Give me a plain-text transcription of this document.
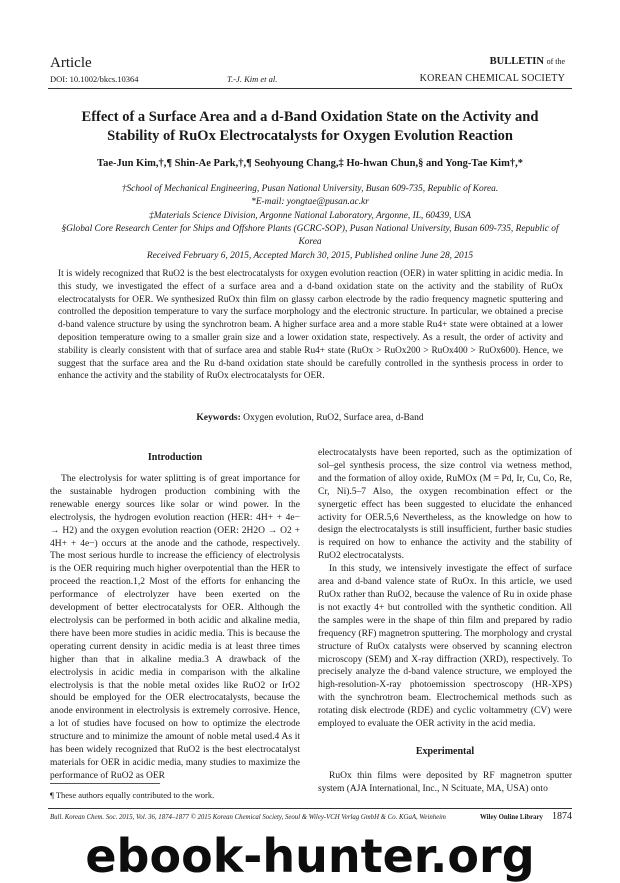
Article
DOI: 10.1002/bkcs.10364	T.-J. Kim et al.
BULLETIN of the
KOREAN CHEMICAL SOCIETY
Effect of a Surface Area and a d-Band Oxidation State on the Activity and
Stability of RuOx Electrocatalysts for Oxygen Evolution Reaction
Tae-Jun Kim,†,¶ Shin-Ae Park,†,¶ Seohyoung Chang,‡ Ho-hwan Chun,§ and Yong-Tae Kim†,*
†School of Mechanical Engineering, Pusan National University, Busan 609-735, Republic of Korea.
*E-mail: yongtae@pusan.ac.kr
‡Materials Science Division, Argonne National Laboratory, Argonne, IL, 60439, USA
§Global Core Research Center for Ships and Offshore Plants (GCRC-SOP), Pusan National University, Busan 609-735, Republic of Korea
Received February 6, 2015, Accepted March 30, 2015, Published online June 28, 2015
It is widely recognized that RuO2 is the best electrocatalysts for oxygen evolution reaction (OER) in water splitting in acidic media. In this study, we investigated the effect of a surface area and a d-band oxidation state on the activity and the stability of RuOx electrocatalysts for OER. We synthesized RuOx thin film on glassy carbon electrode by the radio frequency magnetic sputtering and controlled the deposition temperature to vary the surface morphology and the electronic structure. In particular, we obtained a precise d-band valence structure by using the synchrotron beam. A higher surface area and a more stable Ru4+ state were obtained at a lower deposition temperature owing to a smaller grain size and a lower oxidation state, respectively. As a result, the order of activity and stability is clearly consistent with that of surface area and stable Ru4+ state (RuOx > RuOx200 > RuOx400 > RuOx600). Hence, we suggest that the surface area and the Ru d-band oxidation state should be carefully controlled in the synthesis process in order to enhance the activity and the stability of RuOx electrocatalysts for OER.
Keywords: Oxygen evolution, RuO2, Surface area, d-Band
Introduction

The electrolysis for water splitting is of great importance for the sustainable hydrogen production combining with the renewable energy sources like solar or wind power. In the electrolysis, the hydrogen evolution reaction (HER: 4H+ + 4e− → H2) and the oxygen evolution reaction (OER: 2H2O → O2 + 4H+ + 4e−) occurs at the anode and the cathode, respectively. The most serious hurdle to increase the efficiency of electrolysis is the OER requiring much higher overpotential than the HER to proceed the reaction.1,2 Most of the efforts for enhancing the performance of electrolyzer have been exerted on the development of better electrocatalysts for OER. Although the electrolysis can be performed in both acidic and alkaline media, there have been more studies in acidic media. This is because the operating current density in acidic media is at least three times higher than that in alkaline media.3 A drawback of the electrolysis in acidic media in comparison with the alkaline electrolysis is that the noble metal oxides like RuO2 or IrO2 should be employed for the OER electrocatalysts, because the anode environment in electrolysis is extremely corrosive. Hence, a lot of studies have focused on how to optimize the electrode structure and to minimize the amount of noble metal used.4 As it has been widely recognized that RuO2 is the best electrocatalyst materials for OER in acidic media, many studies to maximize the performance of RuO2 as OER

electrocatalysts have been reported, such as the optimization of sol–gel synthesis process, the size control via wetness method, and the formation of alloy oxide, RuMOx (M = Pd, Ir, Cu, Co, Re, Cr, Ni).5–7 Also, the oxygen recombination effect or the synergetic effect has been suggested to elucidate the enhanced activity for OER.5,6 Nevertheless, as the knowledge on how to design the electrocatalysts is still insufficient, further basic studies is required on how to enhance the activity and the stability of RuO2 electrocatalysts.

In this study, we intensively investigate the effect of surface area and d-band valence state of RuOx. In this article, we used RuOx rather than RuO2, because the valence of Ru in oxide phase is not exactly 4+ but controlled with the synthetic condition. All the samples were in the shape of thin film and prepared by radio frequency (RF) magnetron sputtering. The morphology and crystal structure of RuOx catalysts were observed by scanning electron microscopy (SEM) and X-ray diffraction (XRD), respectively. To precisely analyze the d-band valence structure, we employed the high-resolution-X-ray photoemission spectroscopy (HR-XPS) with the synchrotron beam. Electrochemical methods such as rotating disk electrode (RDE) and cyclic voltammetry (CV) were employed to evaluate the OER activity in the acid media.

Experimental

RuOx thin films were deposited by RF magnetron sputter system (AJA International, Inc., N Scituate, MA, USA) onto

¶ These authors equally contributed to the work.
Bull. Korean Chem. Soc. 2015, Vol. 36, 1874–1877 © 2015 Korean Chemical Society, Seoul & Wiley-VCH Verlag GmbH & Co. KGaA, Weinheim	Wiley Online Library 1874
ebook-hunter.org
